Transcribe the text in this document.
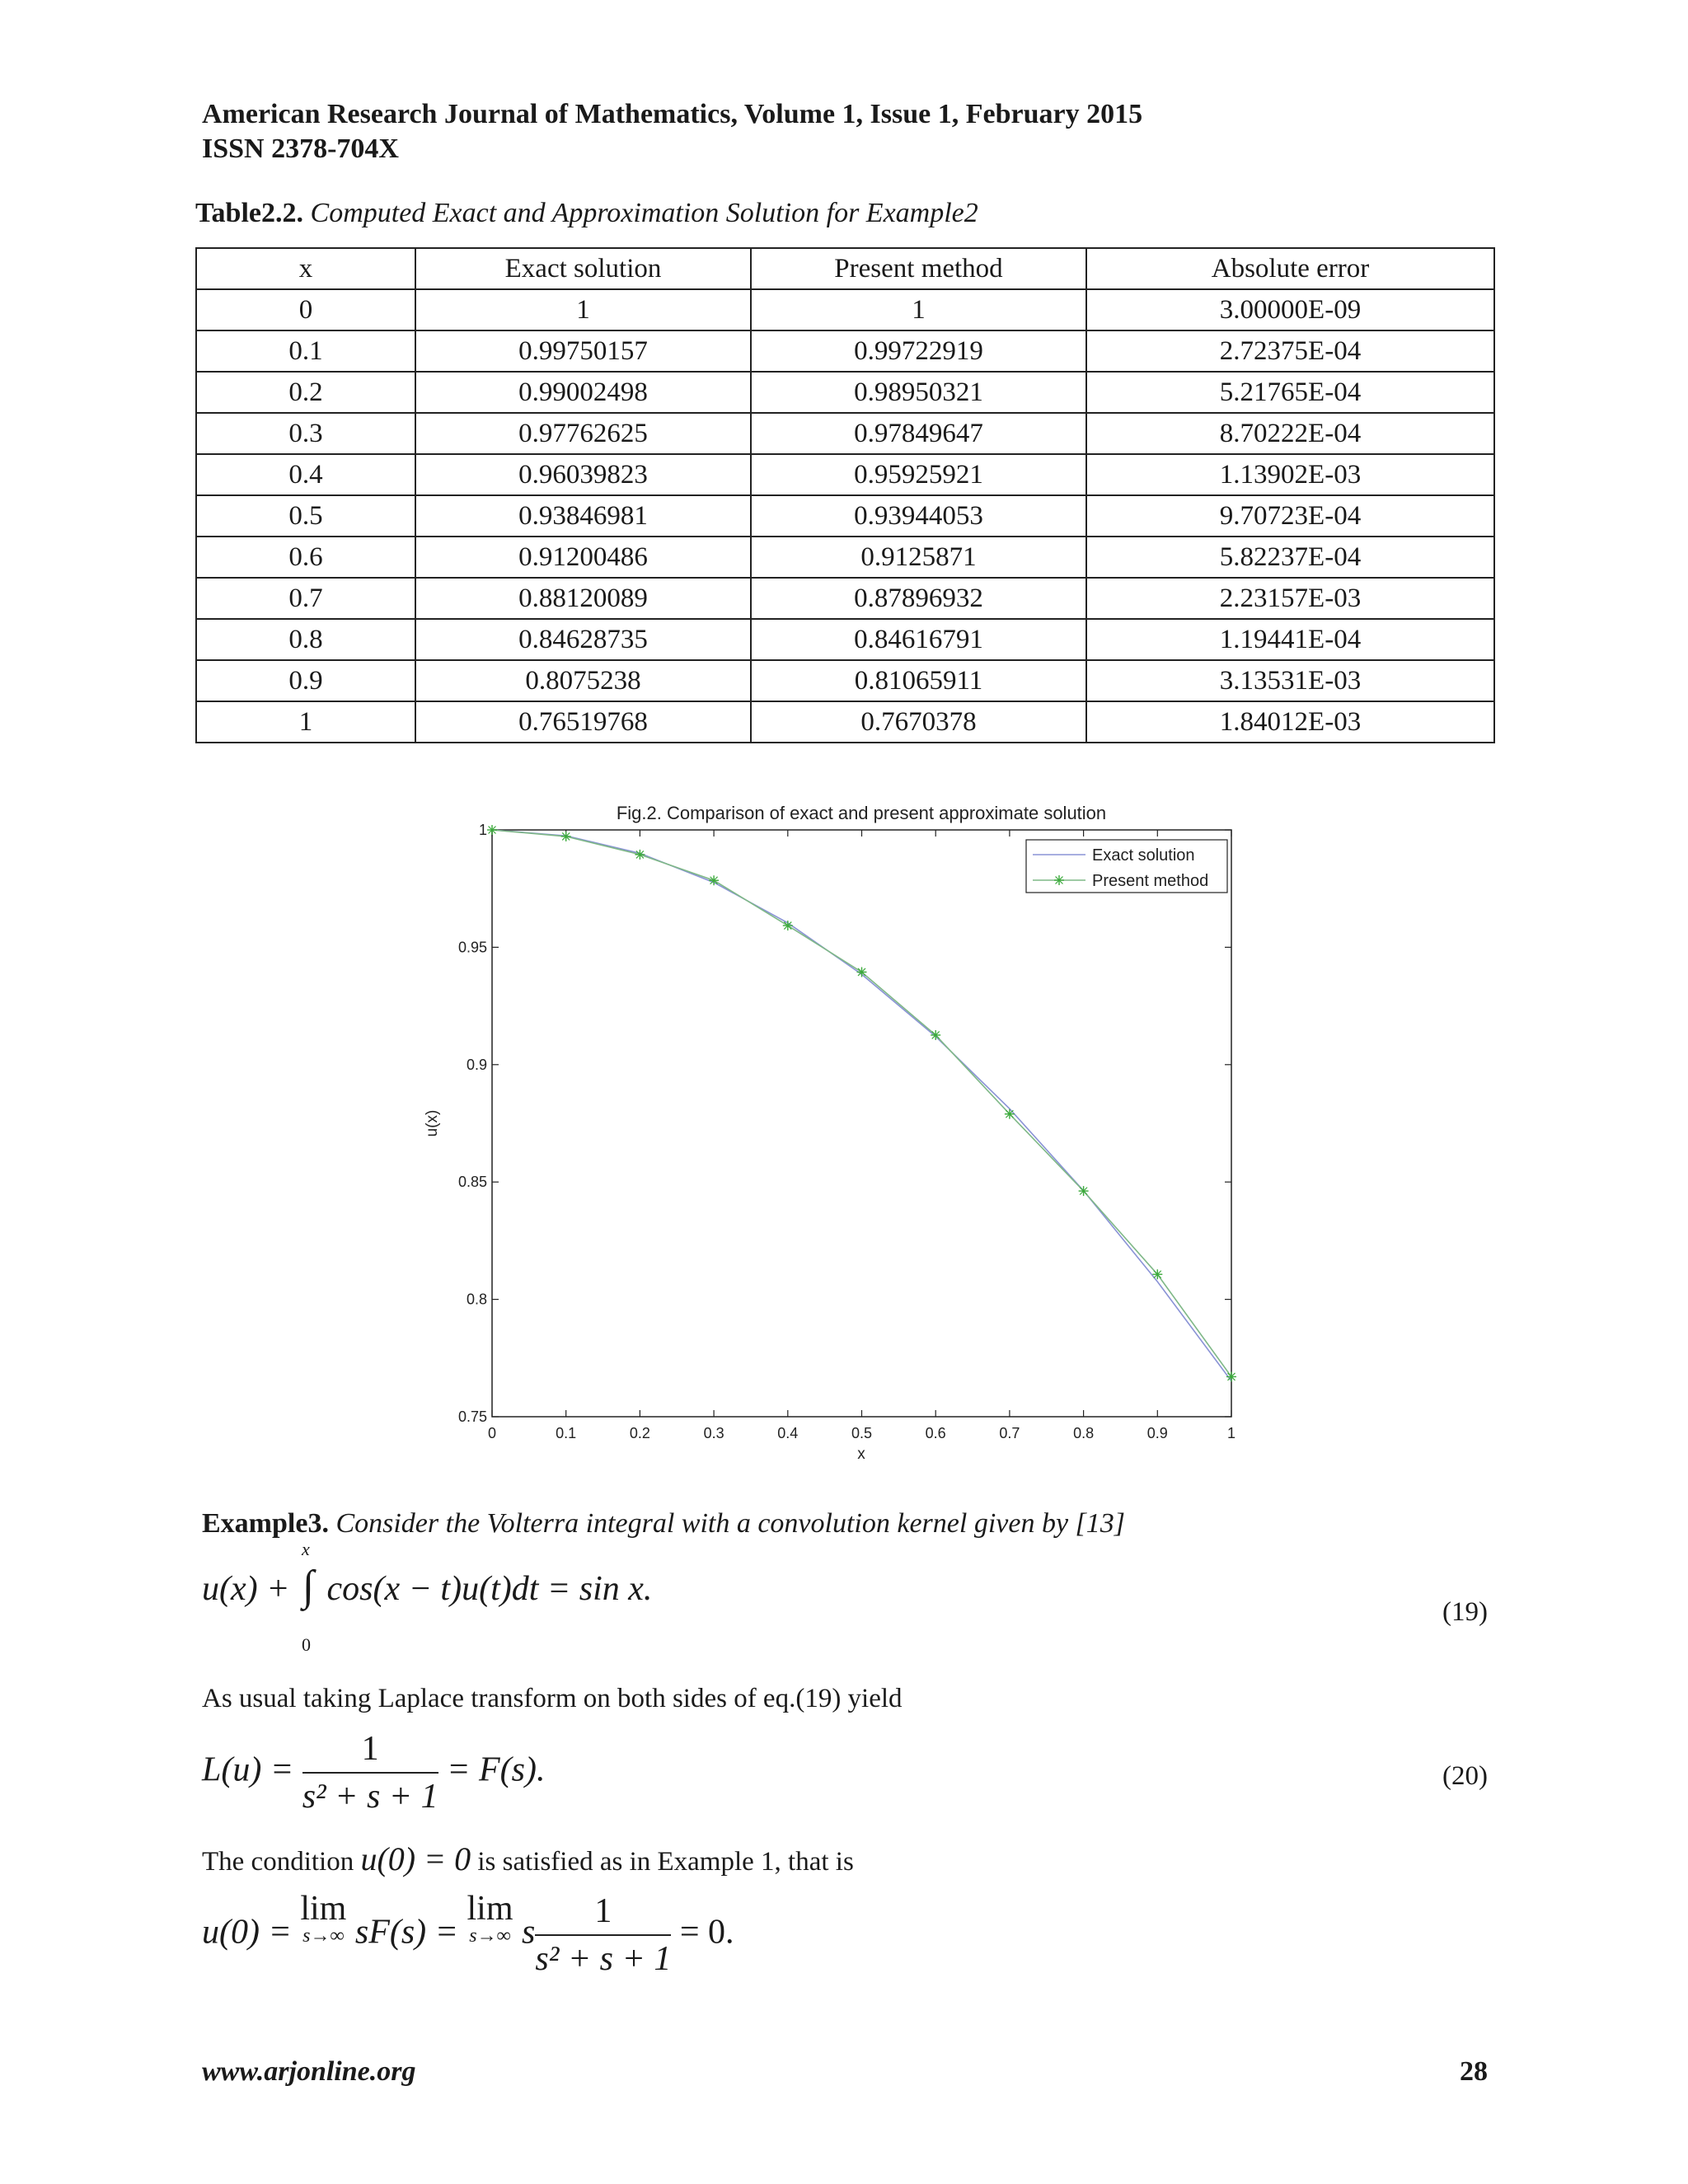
American Research Journal of Mathematics, Volume 1, Issue 1, February 2015
ISSN 2378-704X
Table2.2. Computed Exact and Approximation Solution for Example2
x	Exact solution	Present method	Absolute error
0	1	1	3.00000E-09
0.1	0.99750157	0.99722919	2.72375E-04
0.2	0.99002498	0.98950321	5.21765E-04
0.3	0.97762625	0.97849647	8.70222E-04
0.4	0.96039823	0.95925921	1.13902E-03
0.5	0.93846981	0.93944053	9.70723E-04
0.6	0.91200486	0.9125871	5.82237E-04
0.7	0.88120089	0.87896932	2.23157E-03
0.8	0.84628735	0.84616791	1.19441E-04
0.9	0.8075238	0.81065911	3.13531E-03
1	0.76519768	0.7670378	1.84012E-03
Fig.2. Comparison of exact and present approximate solution
0	0.1	0.2	0.3	0.4	0.5	0.6	0.7	0.8	0.9	1
0.75
0.8
0.85
0.9
0.95
1
Exact solution
Present method
x
u(x)
Example3. Consider the Volterra integral with a convolution kernel given by [13]
u(x) +
x
∫
0
cos(x − t)u(t)dt = sin x.
(19)
As usual taking Laplace transform on both sides of eq.(19) yield
$L(u) = \frac{1}{\text{s² + s + 1}} = F(s)$.	(20)
The condition u(0) = 0 is satisfied as in Example 1, that is
u(0) = lim
s→∞ sF(s) = lim
s→∞ s $\frac{1}{\text{s² + s + 1}} = 0$.
www.arjonline.org	28
